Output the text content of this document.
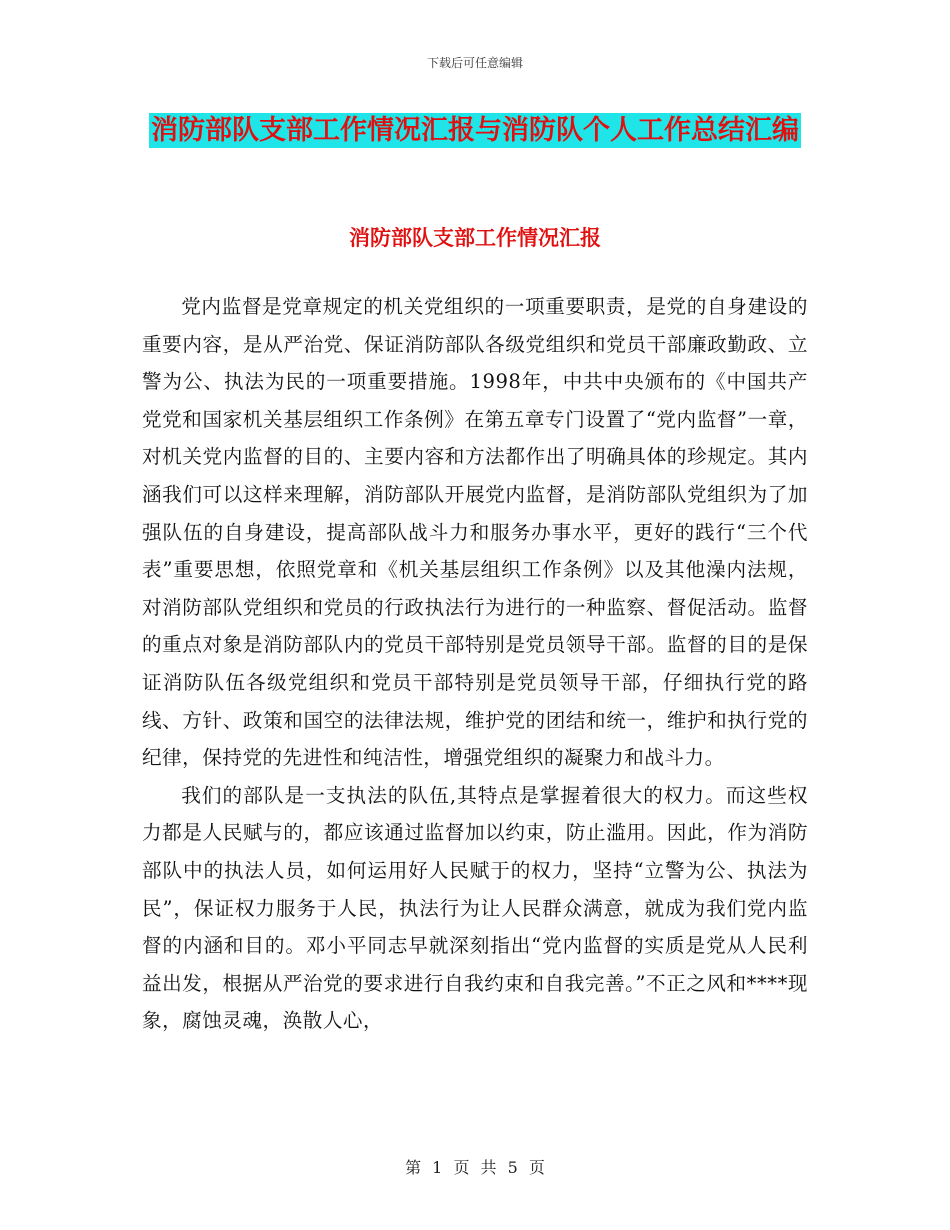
下载后可任意编辑
消防部队支部工作情况汇报与消防队个人工作总结汇编
消防部队支部工作情况汇报

党内监督是党章规定的机关党组织的一项重要职责，是党的自身建设的重要内容，是从严治党、保证消防部队各级党组织和党员干部廉政勤政、立警为公、执法为民的一项重要措施。1998年，中共中央颁布的《中国共产党党和国家机关基层组织工作条例》在第五章专门设置了“党内监督”一章，对机关党内监督的目的、主要内容和方法都作出了明确具体的珍规定。其内涵我们可以这样来理解，消防部队开展党内监督，是消防部队党组织为了加强队伍的自身建设，提高部队战斗力和服务办事水平，更好的践行“三个代表”重要思想，依照党章和《机关基层组织工作条例》以及其他澡内法规，对消防部队党组织和党员的行政执法行为进行的一种监察、督促活动。监督的重点对象是消防部队内的党员干部特别是党员领导干部。监督的目的是保证消防队伍各级党组织和党员干部特别是党员领导干部，仔细执行党的路线、方针、政策和国空的法律法规，维护党的团结和统一，维护和执行党的纪律，保持党的先进性和纯洁性，增强党组织的凝聚力和战斗力。

我们的部队是一支执法的队伍,其特点是掌握着很大的权力。而这些权力都是人民赋与的，都应该通过监督加以约束，防止滥用。因此，作为消防部队中的执法人员，如何运用好人民赋于的权力，坚持“立警为公、执法为民”，保证权力服务于人民，执法行为让人民群众满意，就成为我们党内监督的内涵和目的。邓小平同志早就深刻指出“党内监督的实质是党从人民利益出发，根据从严治党的要求进行自我约束和自我完善。”不正之风和****现象，腐蚀灵魂，涣散人心，

第 1 页 共 5 页
